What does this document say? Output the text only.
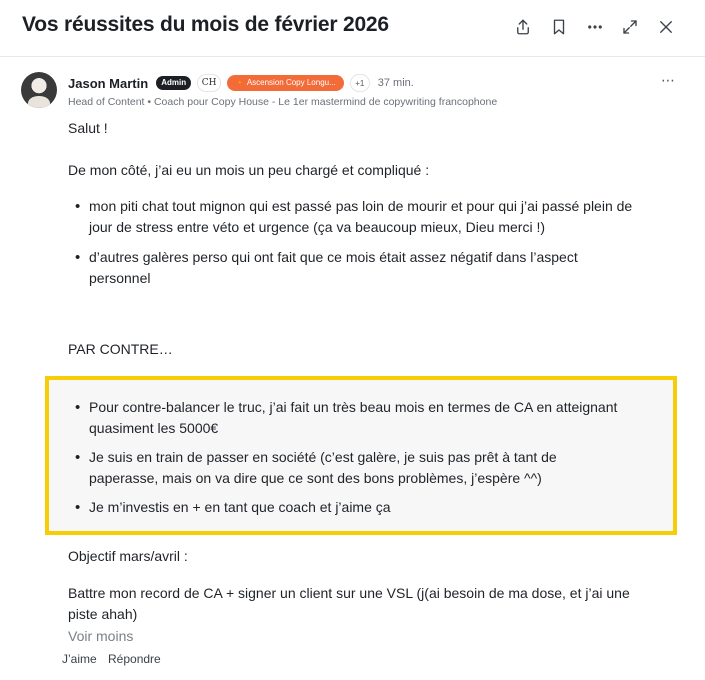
Vos réussites du mois de février 2026
Jason Martin	Admin	CH	🔸 Ascension Copy Longu...	+1	37 min.	⋯
Head of Content • Coach pour Copy House - Le 1er mastermind de copywriting francophone
Salut !
De mon côté, j’ai eu un mois un peu chargé et compliqué :
• mon piti chat tout mignon qui est passé pas loin de mourir et pour qui j’ai passé plein de jour de stress entre véto et urgence (ça va beaucoup mieux, Dieu merci !)
• d’autres galères perso qui ont fait que ce mois était assez négatif dans l’aspect personnel
PAR CONTRE…
• Pour contre-balancer le truc, j’ai fait un très beau mois en termes de CA en atteignant quasiment les 5000€
• Je suis en train de passer en société (c’est galère, je suis pas prêt à tant de paperasse, mais on va dire que ce sont des bons problèmes, j’espère ^^)
• Je m’investis en + en tant que coach et j’aime ça
Objectif mars/avril :
Battre mon record de CA + signer un client sur une VSL (j(ai besoin de ma dose, et j’ai une piste ahah)
Voir moins
J’aime Répondre
